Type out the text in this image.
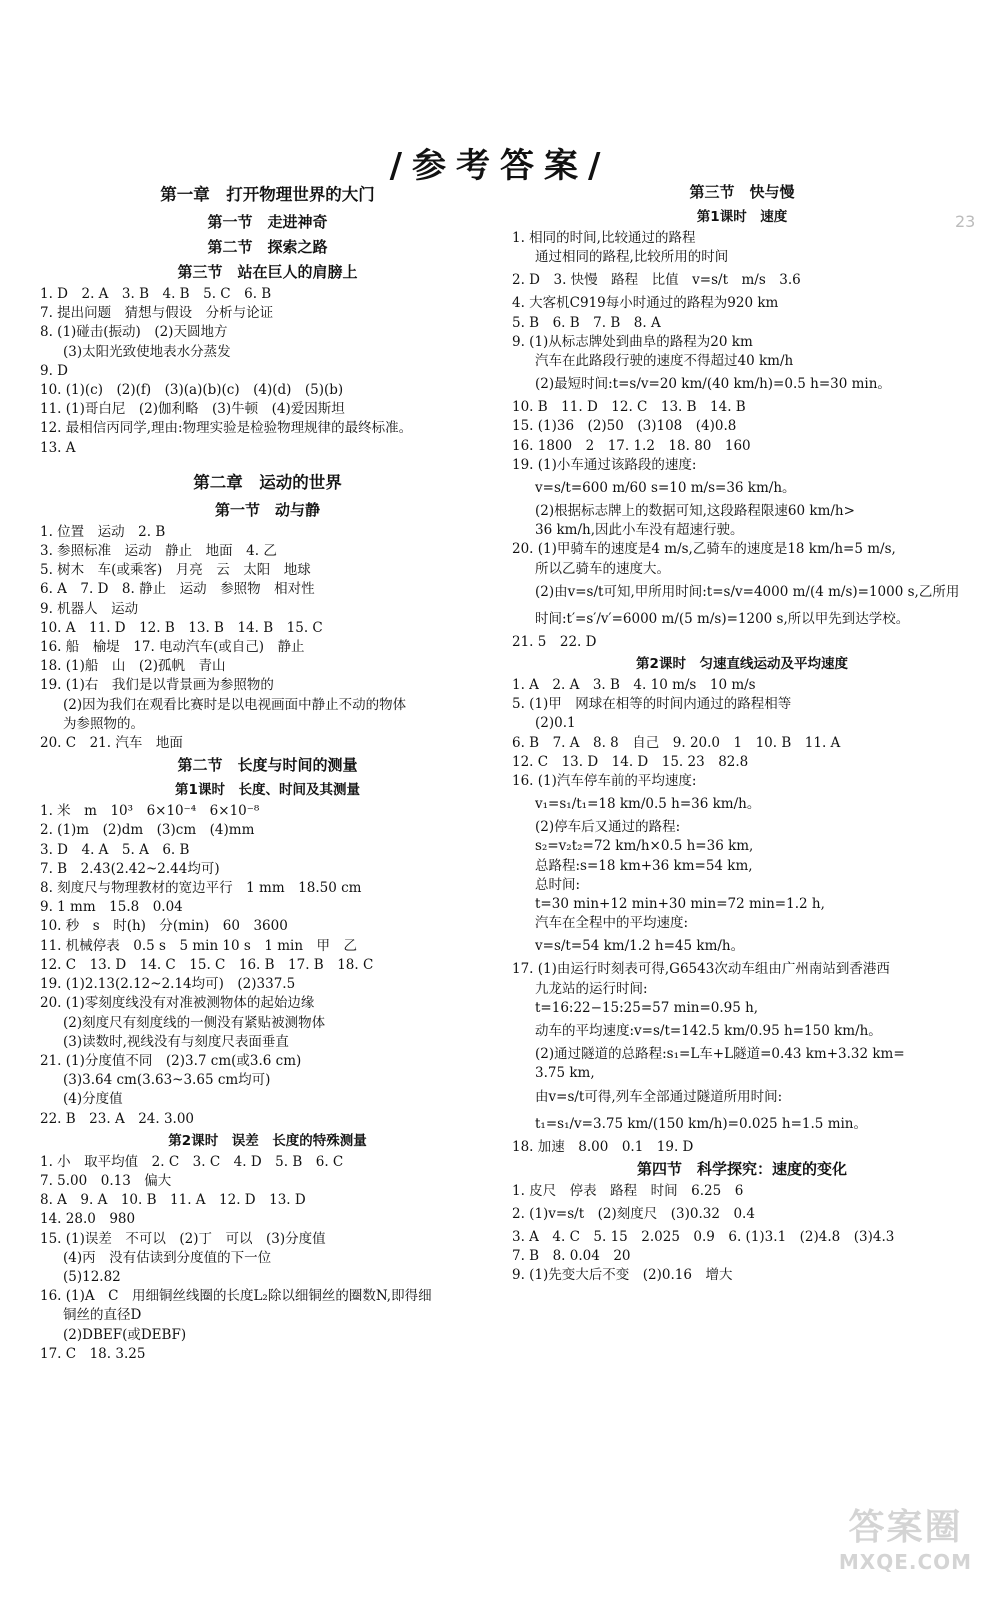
/参考答案/
23
第一章　打开物理世界的大门
第一节　走进神奇
第二节　探索之路
第三节　站在巨人的肩膀上
1. D　2. A　3. B　4. B　5. C　6. B
7. 提出问题　猜想与假设　分析与论证
8. (1)碰击(振动)　(2)天圆地方
(3)太阳光致使地表水分蒸发
9. D
10. (1)(c)　(2)(f)　(3)(a)(b)(c)　(4)(d)　(5)(b)
11. (1)哥白尼　(2)伽利略　(3)牛顿　(4)爱因斯坦
12. 最相信丙同学,理由:物理实验是检验物理规律的最终标准。
13. A
第二章　运动的世界
第一节　动与静
1. 位置　运动　2. B
3. 参照标准　运动　静止　地面　4. 乙
5. 树木　车(或乘客)　月亮　云　太阳　地球
6. A　7. D　8. 静止　运动　参照物　相对性
9. 机器人　运动
10. A　11. D　12. B　13. B　14. B　15. C
16. 船　榆堤　17. 电动汽车(或自己)　静止
18. (1)船　山　(2)孤帆　青山
19. (1)右　我们是以背景画为参照物的
(2)因为我们在观看比赛时是以电视画面中静止不动的物体
为参照物的。
20. C　21. 汽车　地面
第二节　长度与时间的测量
第1课时　长度、时间及其测量
1. 米　m　10³　6×10⁻⁴　6×10⁻⁸
2. (1)m　(2)dm　(3)cm　(4)mm
3. D　4. A　5. A　6. B
7. B　2.43(2.42~2.44均可)
8. 刻度尺与物理教材的宽边平行　1 mm　18.50 cm
9. 1 mm　15.8　0.04
10. 秒　s　时(h)　分(min)　60　3600
11. 机械停表　0.5 s　5 min 10 s　1 min　甲　乙
12. C　13. D　14. C　15. C　16. B　17. B　18. C
19. (1)2.13(2.12~2.14均可)　(2)337.5
20. (1)零刻度线没有对准被测物体的起始边缘
(2)刻度尺有刻度线的一侧没有紧贴被测物体
(3)读数时,视线没有与刻度尺表面垂直
21. (1)分度值不同　(2)3.7 cm(或3.6 cm)
(3)3.64 cm(3.63~3.65 cm均可)
(4)分度值
22. B　23. A　24. 3.00
第2课时　误差　长度的特殊测量
1. 小　取平均值　2. C　3. C　4. D　5. B　6. C
7. 5.00　0.13　偏大
8. A　9. A　10. B　11. A　12. D　13. D
14. 28.0　980
15. (1)误差　不可以　(2)丁　可以　(3)分度值
(4)丙　没有估读到分度值的下一位
(5)12.82
16. (1)A　C　用细铜丝线圈的长度L₂除以细铜丝的圈数N,即得细
铜丝的直径D
(2)DBEF(或DEBF)
17. C　18. 3.25
第三节　快与慢
第1课时　速度
1. 相同的时间,比较通过的路程
通过相同的路程,比较所用的时间
2. D　3. 快慢　路程　比值　v=s/t　m/s　3.6
4. 大客机C919每小时通过的路程为920 km
5. B　6. B　7. B　8. A
9. (1)从标志牌处到曲阜的路程为20 km
汽车在此路段行驶的速度不得超过40 km/h
(2)最短时间:t=s/v=20 km/(40 km/h)=0.5 h=30 min。
10. B　11. D　12. C　13. B　14. B
15. (1)36　(2)50　(3)108　(4)0.8
16. 1800　2　17. 1.2　18. 80　160
19. (1)小车通过该路段的速度:
v=s/t=600 m/60 s=10 m/s=36 km/h。
(2)根据标志牌上的数据可知,这段路程限速60 km/h>
36 km/h,因此小车没有超速行驶。
20. (1)甲骑车的速度是4 m/s,乙骑车的速度是18 km/h=5 m/s,
所以乙骑车的速度大。
(2)由v=s/t可知,甲所用时间:t=s/v=4000 m/(4 m/s)=1000 s,乙所用
时间:t′=s′/v′=6000 m/(5 m/s)=1200 s,所以甲先到达学校。
21. 5　22. D
第2课时　匀速直线运动及平均速度
1. A　2. A　3. B　4. 10 m/s　10 m/s
5. (1)甲　网球在相等的时间内通过的路程相等
(2)0.1
6. B　7. A　8. 8　自己　9. 20.0　1　10. B　11. A
12. C　13. D　14. D　15. 23　82.8
16. (1)汽车停车前的平均速度:
v₁=s₁/t₁=18 km/0.5 h=36 km/h。
(2)停车后又通过的路程:
s₂=v₂t₂=72 km/h×0.5 h=36 km,
总路程:s=18 km+36 km=54 km,
总时间:
t=30 min+12 min+30 min=72 min=1.2 h,
汽车在全程中的平均速度:
v=s/t=54 km/1.2 h=45 km/h。
17. (1)由运行时刻表可得,G6543次动车组由广州南站到香港西
九龙站的运行时间:
t=16:22−15:25=57 min=0.95 h,
动车的平均速度:v=s/t=142.5 km/0.95 h=150 km/h。
(2)通过隧道的总路程:s₁=L车+L隧道=0.43 km+3.32 km=
3.75 km,
由v=s/t可得,列车全部通过隧道所用时间:
t₁=s₁/v=3.75 km/(150 km/h)=0.025 h=1.5 min。
18. 加速　8.00　0.1　19. D
第四节　科学探究：速度的变化
1. 皮尺　停表　路程　时间　6.25　6
2. (1)v=s/t　(2)刻度尺　(3)0.32　0.4
3. A　4. C　5. 15　2.025　0.9　6. (1)3.1　(2)4.8　(3)4.3
7. B　8. 0.04　20
9. (1)先变大后不变　(2)0.16　增大
答案圈
MXQE.COM
